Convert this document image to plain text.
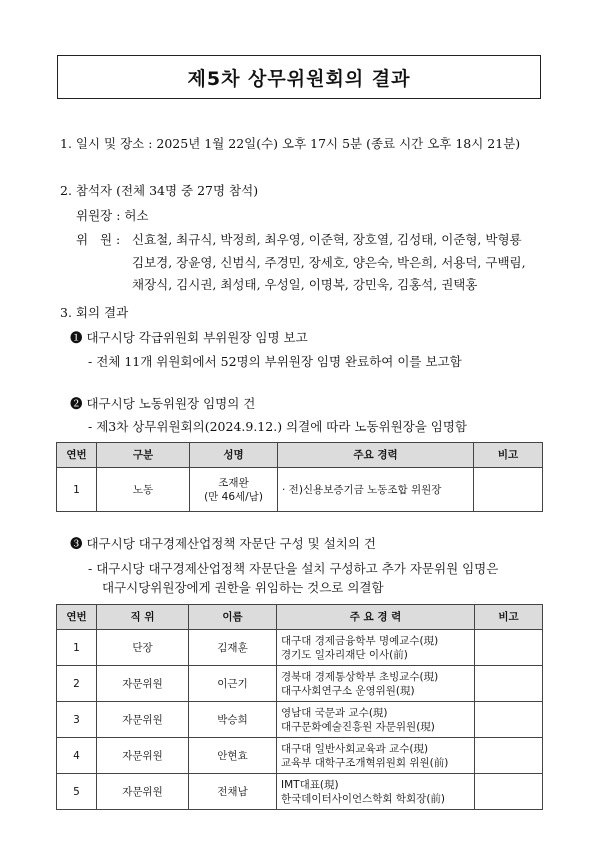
제5차 상무위원회의 결과
1. 일시 및 장소 : 2025년 1월 22일(수) 오후 17시 5분 (종료 시간 오후 18시 21분)
2. 참석자 (전체 34명 중 27명 참석)
위원장 : 허소
위   원 : 신효철, 최규식, 박정희, 최우영, 이준혁, 장호열, 김성태, 이준형, 박형룡
김보경, 장윤영, 신범식, 주경민, 장세호, 양은숙, 박은희, 서용덕, 구백림,
채장식, 김시권, 최성태, 우성일, 이명복, 강민욱, 김홍석, 권택홍
3. 회의 결과
❶ 대구시당 각급위원회 부위원장 임명 보고
- 전체 11개 위원회에서 52명의 부위원장 임명 완료하여 이를 보고함
❷ 대구시당 노동위원장 임명의 건
- 제3차 상무위원회의(2024.9.12.) 의결에 따라 노동위원장을 임명함
연번	구분	성명	주요 경력	비고
1	노동	조재완
(만 46세/남)	· 전)신용보증기금 노동조합 위원장	
❸ 대구시당 대구경제산업정책 자문단 구성 및 설치의 건
- 대구시당 대구경제산업정책 자문단을 설치 구성하고 추가 자문위원 임명은
대구시당위원장에게 권한을 위임하는 것으로 의결함
연번	직 위	이름	주 요 경 력	비고
1	단장	김재훈	대구대 경제금융학부 명예교수(現)
경기도 일자리재단 이사(前)	

2	자문위원	이근기	경북대 경제통상학부 초빙교수(現)
대구사회연구소 운영위원(現)	

3	자문위원	박승희	영남대 국문과 교수(現)
대구문화예술진흥원 자문위원(現)	

4	자문위원	안현효	대구대 일반사회교육과 교수(現)
교육부 대학구조개혁위원회 위원(前)	

5	자문위원	전채남	IMT대표(現)
한국데이터사이언스학회 학회장(前)	
